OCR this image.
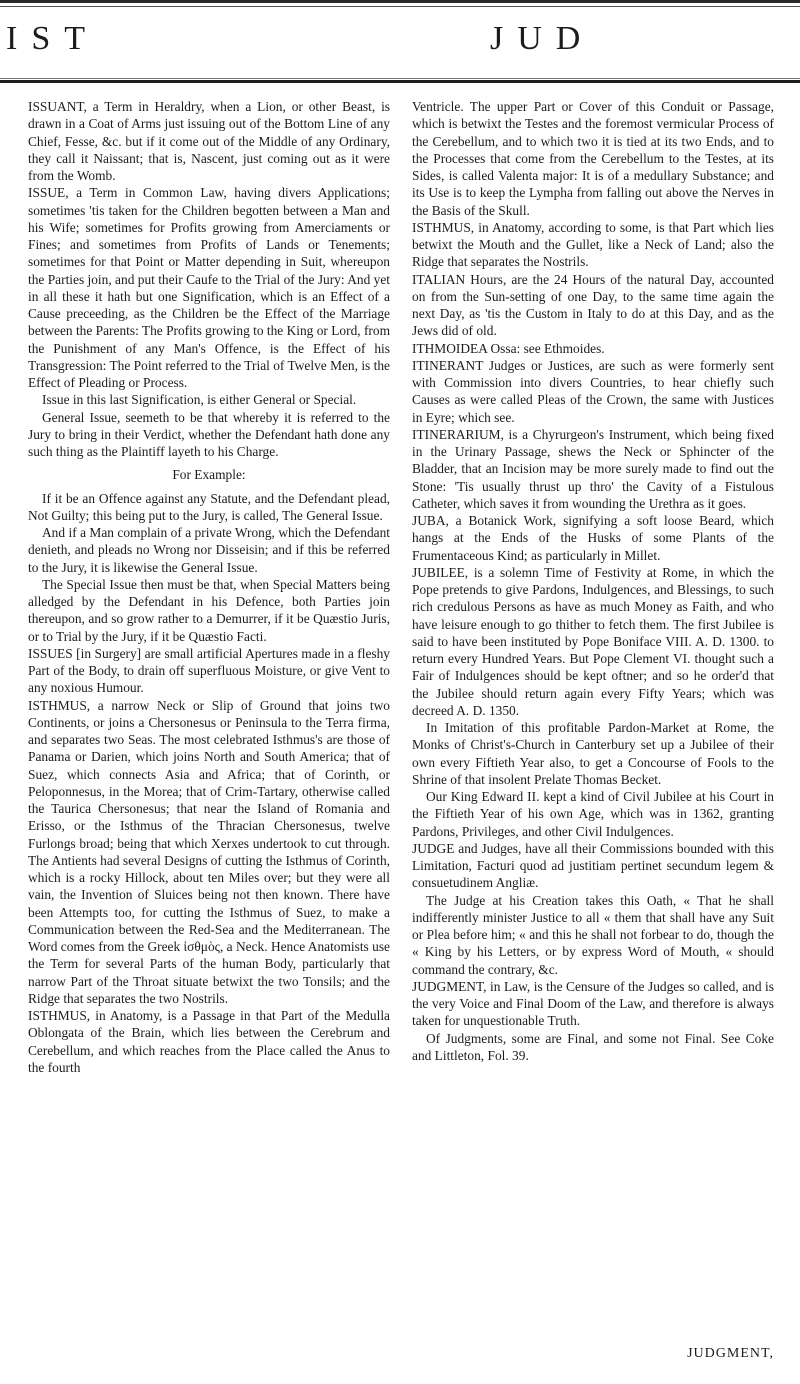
IST	JUD

ISSUANT, a Term in Heraldry, when a Lion, or other Beast, is drawn in a Coat of Arms just issuing out of the Bottom Line of any Chief, Fesse, &c. but if it come out of the Middle of any Ordinary, they call it Naissant; that is, Nascent, just coming out as it were from the Womb.

ISSUE, a Term in Common Law, having divers Applications; sometimes 'tis taken for the Children begotten between a Man and his Wife; sometimes for Profits growing from Amerciaments or Fines; and sometimes from Profits of Lands or Tenements; sometimes for that Point or Matter depending in Suit, whereupon the Parties join, and put their Caufe to the Trial of the Jury: And yet in all these it hath but one Signification, which is an Effect of a Cause preceeding, as the Children be the Effect of the Marriage between the Parents: The Profits growing to the King or Lord, from the Punishment of any Man's Offence, is the Effect of his Transgression: The Point referred to the Trial of Twelve Men, is the Effect of Pleading or Process.

Issue in this last Signification, is either General or Special.

General Issue, seemeth to be that whereby it is referred to the Jury to bring in their Verdict, whether the Defendant hath done any such thing as the Plaintiff layeth to his Charge.

For Example:

If it be an Offence against any Statute, and the Defendant plead, Not Guilty; this being put to the Jury, is called, The General Issue.

And if a Man complain of a private Wrong, which the Defendant denieth, and pleads no Wrong nor Disseisin; and if this be referred to the Jury, it is likewise the General Issue.

The Special Issue then must be that, when Special Matters being alledged by the Defendant in his Defence, both Parties join thereupon, and so grow rather to a Demurrer, if it be Quæstio Juris, or to Trial by the Jury, if it be Quæstio Facti.

ISSUES [in Surgery] are small artificial Apertures made in a fleshy Part of the Body, to drain off superfluous Moisture, or give Vent to any noxious Humour.

ISTHMUS, a narrow Neck or Slip of Ground that joins two Continents, or joins a Chersonesus or Peninsula to the Terra firma, and separates two Seas. The most celebrated Isthmus's are those of Panama or Darien, which joins North and South America; that of Suez, which connects Asia and Africa; that of Corinth, or Peloponnesus, in the Morea; that of Crim-Tartary, otherwise called the Taurica Chersonesus; that near the Island of Romania and Erisso, or the Isthmus of the Thracian Chersonesus, twelve Furlongs broad; being that which Xerxes undertook to cut through. The Antients had several Designs of cutting the Isthmus of Corinth, which is a rocky Hillock, about ten Miles over; but they were all vain, the Invention of Sluices being not then known. There have been Attempts too, for cutting the Isthmus of Suez, to make a Communication between the Red-Sea and the Mediterranean. The Word comes from the Greek ἰσθμὸς, a Neck. Hence Anatomists use the Term for several Parts of the human Body, particularly that narrow Part of the Throat situate betwixt the two Tonsils; and the Ridge that separates the two Nostrils.

ISTHMUS, in Anatomy, is a Passage in that Part of the Medulla Oblongata of the Brain, which lies between the Cerebrum and Cerebellum, and which reaches from the Place called the Anus to the fourth

Ventricle. The upper Part or Cover of this Conduit or Passage, which is betwixt the Testes and the foremost vermicular Process of the Cerebellum, and to which two it is tied at its two Ends, and to the Processes that come from the Cerebellum to the Testes, at its Sides, is called Valenta major: It is of a medullary Substance; and its Use is to keep the Lympha from falling out above the Nerves in the Basis of the Skull.

ISTHMUS, in Anatomy, according to some, is that Part which lies betwixt the Mouth and the Gullet, like a Neck of Land; also the Ridge that separates the Nostrils.

ITALIAN Hours, are the 24 Hours of the natural Day, accounted on from the Sun-setting of one Day, to the same time again the next Day, as 'tis the Custom in Italy to do at this Day, and as the Jews did of old.

ITHMOIDEA Ossa: see Ethmoides.

ITINERANT Judges or Justices, are such as were formerly sent with Commission into divers Countries, to hear chiefly such Causes as were called Pleas of the Crown, the same with Justices in Eyre; which see.

ITINERARIUM, is a Chyrurgeon's Instrument, which being fixed in the Urinary Passage, shews the Neck or Sphincter of the Bladder, that an Incision may be more surely made to find out the Stone: 'Tis usually thrust up thro' the Cavity of a Fistulous Catheter, which saves it from wounding the Urethra as it goes.

JUBA, a Botanick Work, signifying a soft loose Beard, which hangs at the Ends of the Husks of some Plants of the Frumentaceous Kind; as particularly in Millet.

JUBILEE, is a solemn Time of Festivity at Rome, in which the Pope pretends to give Pardons, Indulgences, and Blessings, to such rich credulous Persons as have as much Money as Faith, and who have leisure enough to go thither to fetch them. The first Jubilee is said to have been instituted by Pope Boniface VIII. A. D. 1300. to return every Hundred Years. But Pope Clement VI. thought such a Fair of Indulgences should be kept oftner; and so he order'd that the Jubilee should return again every Fifty Years; which was decreed A. D. 1350.

In Imitation of this profitable Pardon-Market at Rome, the Monks of Christ's-Church in Canterbury set up a Jubilee of their own every Fiftieth Year also, to get a Concourse of Fools to the Shrine of that insolent Prelate Thomas Becket.

Our King Edward II. kept a kind of Civil Jubilee at his Court in the Fiftieth Year of his own Age, which was in 1362, granting Pardons, Privileges, and other Civil Indulgences.

JUDGE and Judges, have all their Commissions bounded with this Limitation, Facturi quod ad justitiam pertinet secundum legem & consuetudinem Angliæ.

The Judge at his Creation takes this Oath, « That he shall indifferently minister Justice to all « them that shall have any Suit or Plea before him; « and this he shall not forbear to do, though the « King by his Letters, or by express Word of Mouth, « should command the contrary, &c.

JUDGMENT, in Law, is the Censure of the Judges so called, and is the very Voice and Final Doom of the Law, and therefore is always taken for unquestionable Truth.

Of Judgments, some are Final, and some not Final. See Coke and Littleton, Fol. 39.

JUDGMENT,
